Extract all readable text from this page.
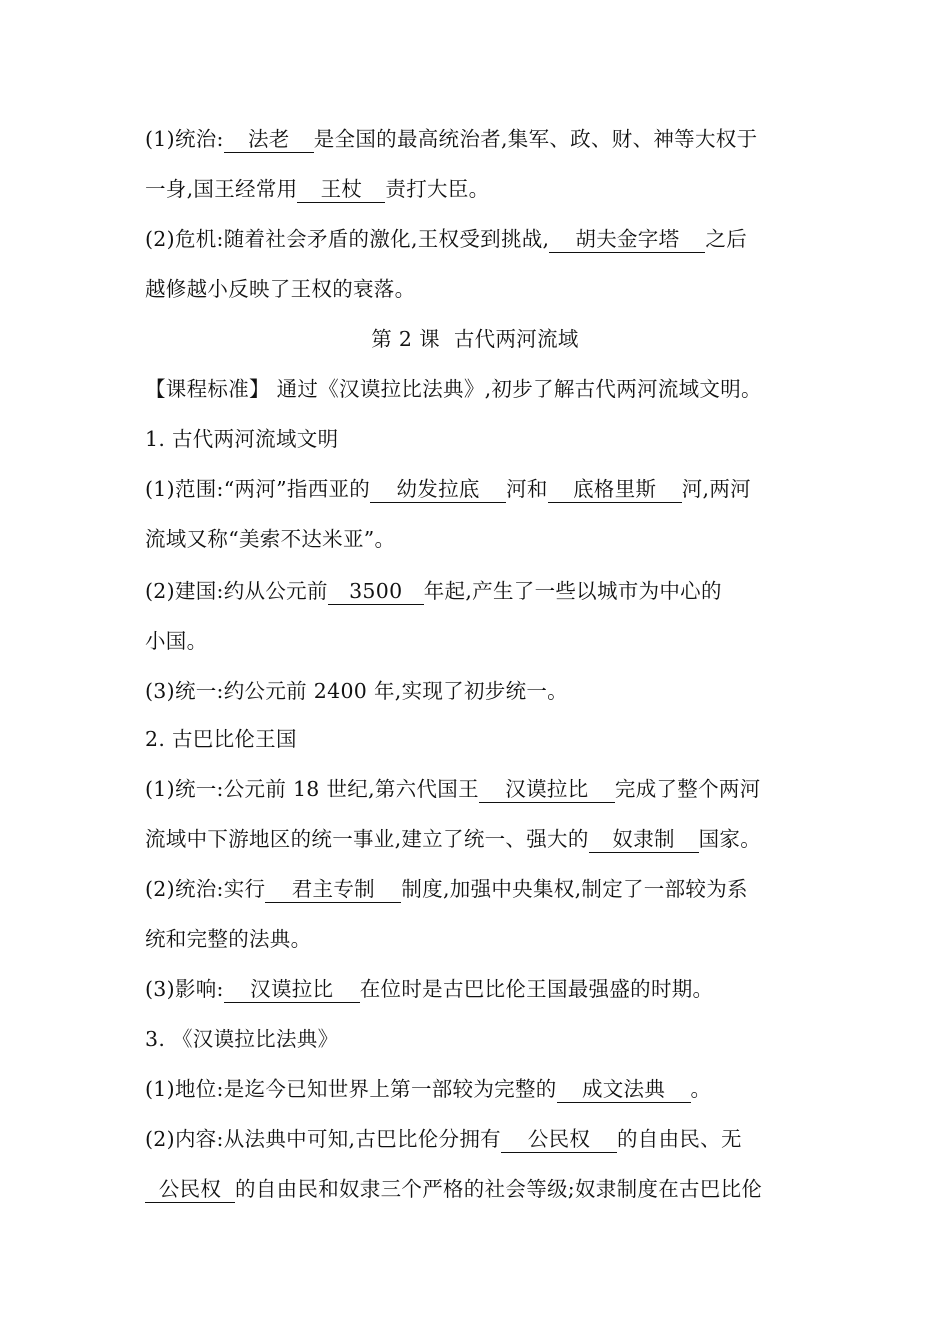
(1)统治: 法老 是全国的最高统治者,集军、政、财、神等大权于
一身,国王经常用 王杖 责打大臣。
(2)危机:随着社会矛盾的激化,王权受到挑战, 胡夫金字塔 之后
越修越小反映了王权的衰落。
第 2 课 古代两河流域
【课程标准】 通过《汉谟拉比法典》,初步了解古代两河流域文明。
1. 古代两河流域文明
(1)范围:“两河”指西亚的 幼发拉底 河和 底格里斯 河,两河
流域又称“美索不达米亚”。
(2)建国:约从公元前 3500 年起,产生了一些以城市为中心的
小国。
(3)统一:约公元前 2400 年,实现了初步统一。
2. 古巴比伦王国
(1)统一:公元前 18 世纪,第六代国王 汉谟拉比 完成了整个两河
流域中下游地区的统一事业,建立了统一、强大的 奴隶制 国家。
(2)统治:实行 君主专制 制度,加强中央集权,制定了一部较为系
统和完整的法典。
(3)影响: 汉谟拉比 在位时是古巴比伦王国最强盛的时期。
3. 《汉谟拉比法典》
(1)地位:是迄今已知世界上第一部较为完整的 成文法典 。
(2)内容:从法典中可知,古巴比伦分拥有 公民权 的自由民、无
公民权 的自由民和奴隶三个严格的社会等级;奴隶制度在古巴比伦
